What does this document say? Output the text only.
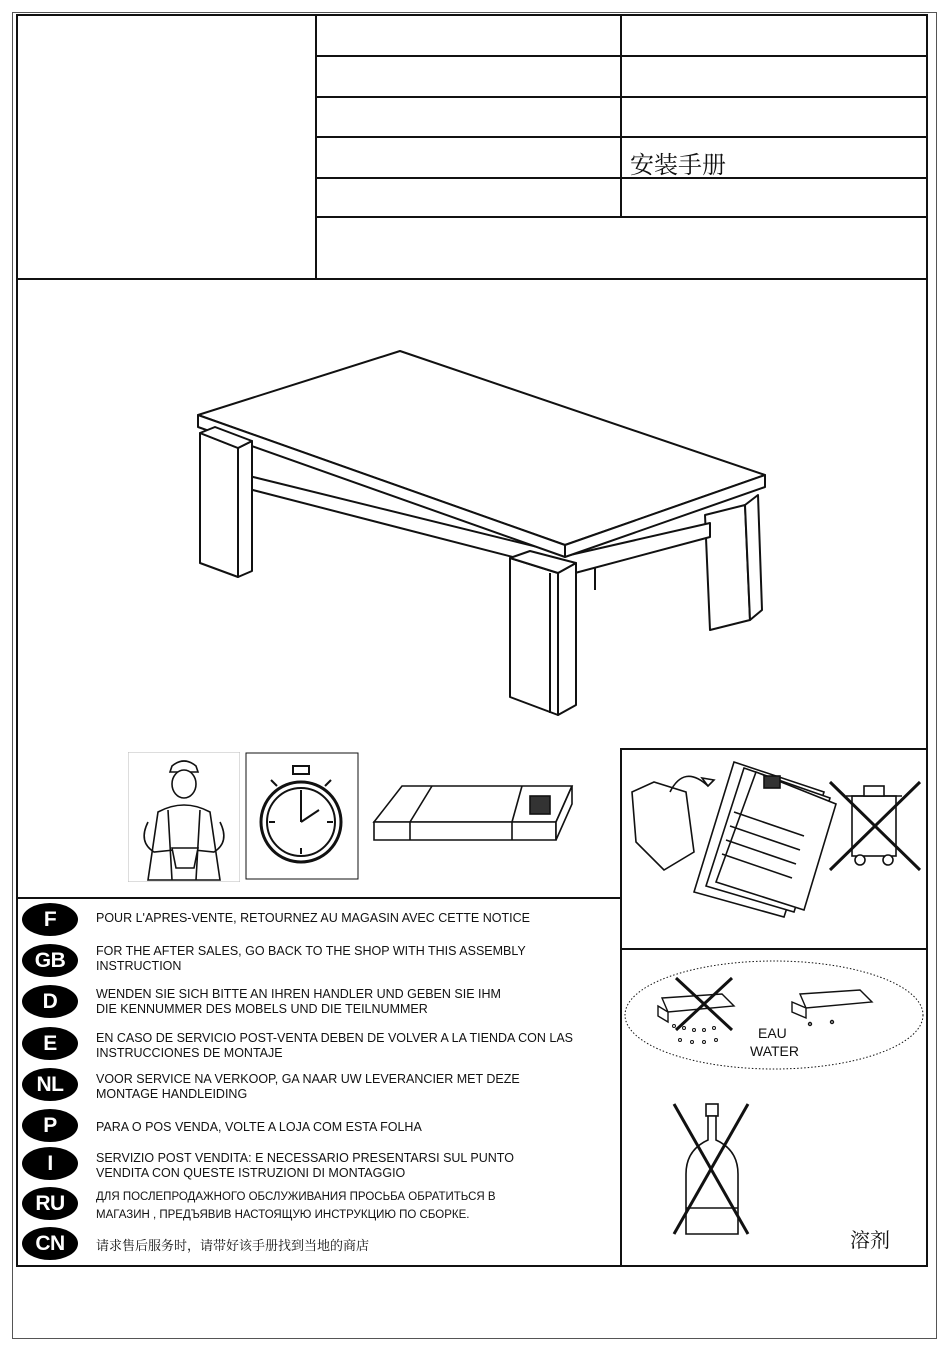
安装手册
EAU
WATER
溶剂
F	POUR L'APRES-VENTE, RETOURNEZ AU MAGASIN AVEC CETTE NOTICE
GB	FOR THE AFTER SALES, GO BACK TO THE SHOP WITH THIS ASSEMBLY INSTRUCTION
D	WENDEN SIE SICH BITTE AN IHREN HANDLER UND GEBEN SIE IHM DIE KENNUMMER DES MOBELS UND DIE TEILNUMMER
E	EN CASO DE SERVICIO POST-VENTA DEBEN DE VOLVER A LA TIENDA CON LAS INSTRUCCIONES DE MONTAJE
NL	VOOR SERVICE NA VERKOOP, GA NAAR UW LEVERANCIER MET DEZE MONTAGE HANDLEIDING
P	PARA O POS VENDA, VOLTE A LOJA COM ESTA FOLHA
I	SERVIZIO POST VENDITA: E NECESSARIO PRESENTARSI SUL PUNTO VENDITA CON QUESTE ISTRUZIONI DI MONTAGGIO
RU	ДЛЯ ПОСЛЕПРОДАЖНОГО ОБСЛУЖИВАНИЯ ПРОСЬБА ОБРАТИТЬСЯ В МАГАЗИН , ПРЕДЪЯВИВ НАСТОЯЩУЮ ИНСТРУКЦИЮ ПО СБОРКЕ.
CN	请求售后服务时，请带好该手册找到当地的商店
